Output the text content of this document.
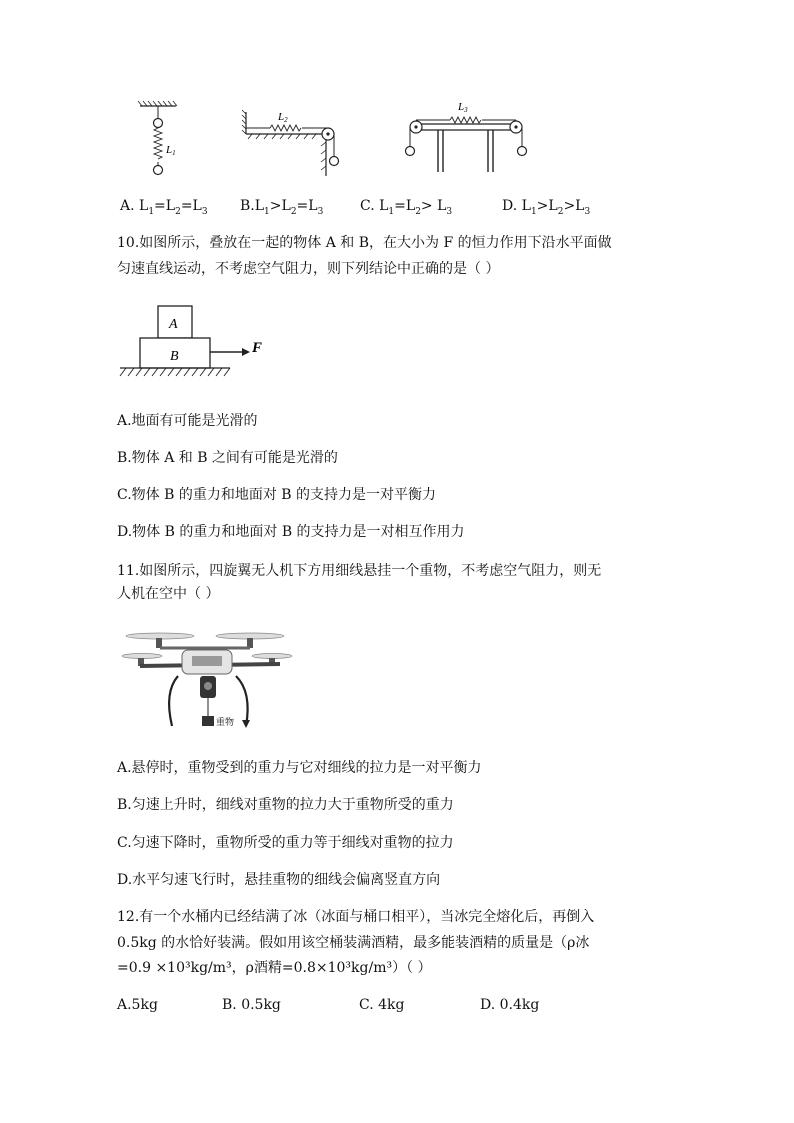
L1
L2
L3
A. $L_1=L_2=L_3$ $B.L_1>L_2=L_3$	C. $L_1=L_2> L_3$	D. $L_1>L_2>L_3$
10.如图所示，叠放在一起的物体 A 和 B，在大小为 F 的恒力作用下沿水平面做
匀速直线运动，不考虑空气阻力，则下列结论中正确的是（ ）
A
B
F
A.地面有可能是光滑的
B.物体 A 和 B 之间有可能是光滑的
C.物体 B 的重力和地面对 B 的支持力是一对平衡力
D.物体 B 的重力和地面对 B 的支持力是一对相互作用力
11.如图所示，四旋翼无人机下方用细线悬挂一个重物，不考虑空气阻力，则无
人机在空中（ ）
重物
A.悬停时，重物受到的重力与它对细线的拉力是一对平衡力
B.匀速上升时，细线对重物的拉力大于重物所受的重力
C.匀速下降时，重物所受的重力等于细线对重物的拉力
D.水平匀速飞行时，悬挂重物的细线会偏离竖直方向
12.有一个水桶内已经结满了冰（冰面与桶口相平），当冰完全熔化后，再倒入
0.5kg 的水恰好装满。假如用该空桶装满酒精，最多能装酒精的质量是（ρ冰
=0.9 ×10³kg/m³，ρ酒精=0.8×10³kg/m³）（ ）
A.5kg	B. 0.5kg	C. 4kg	D. 0.4kg
